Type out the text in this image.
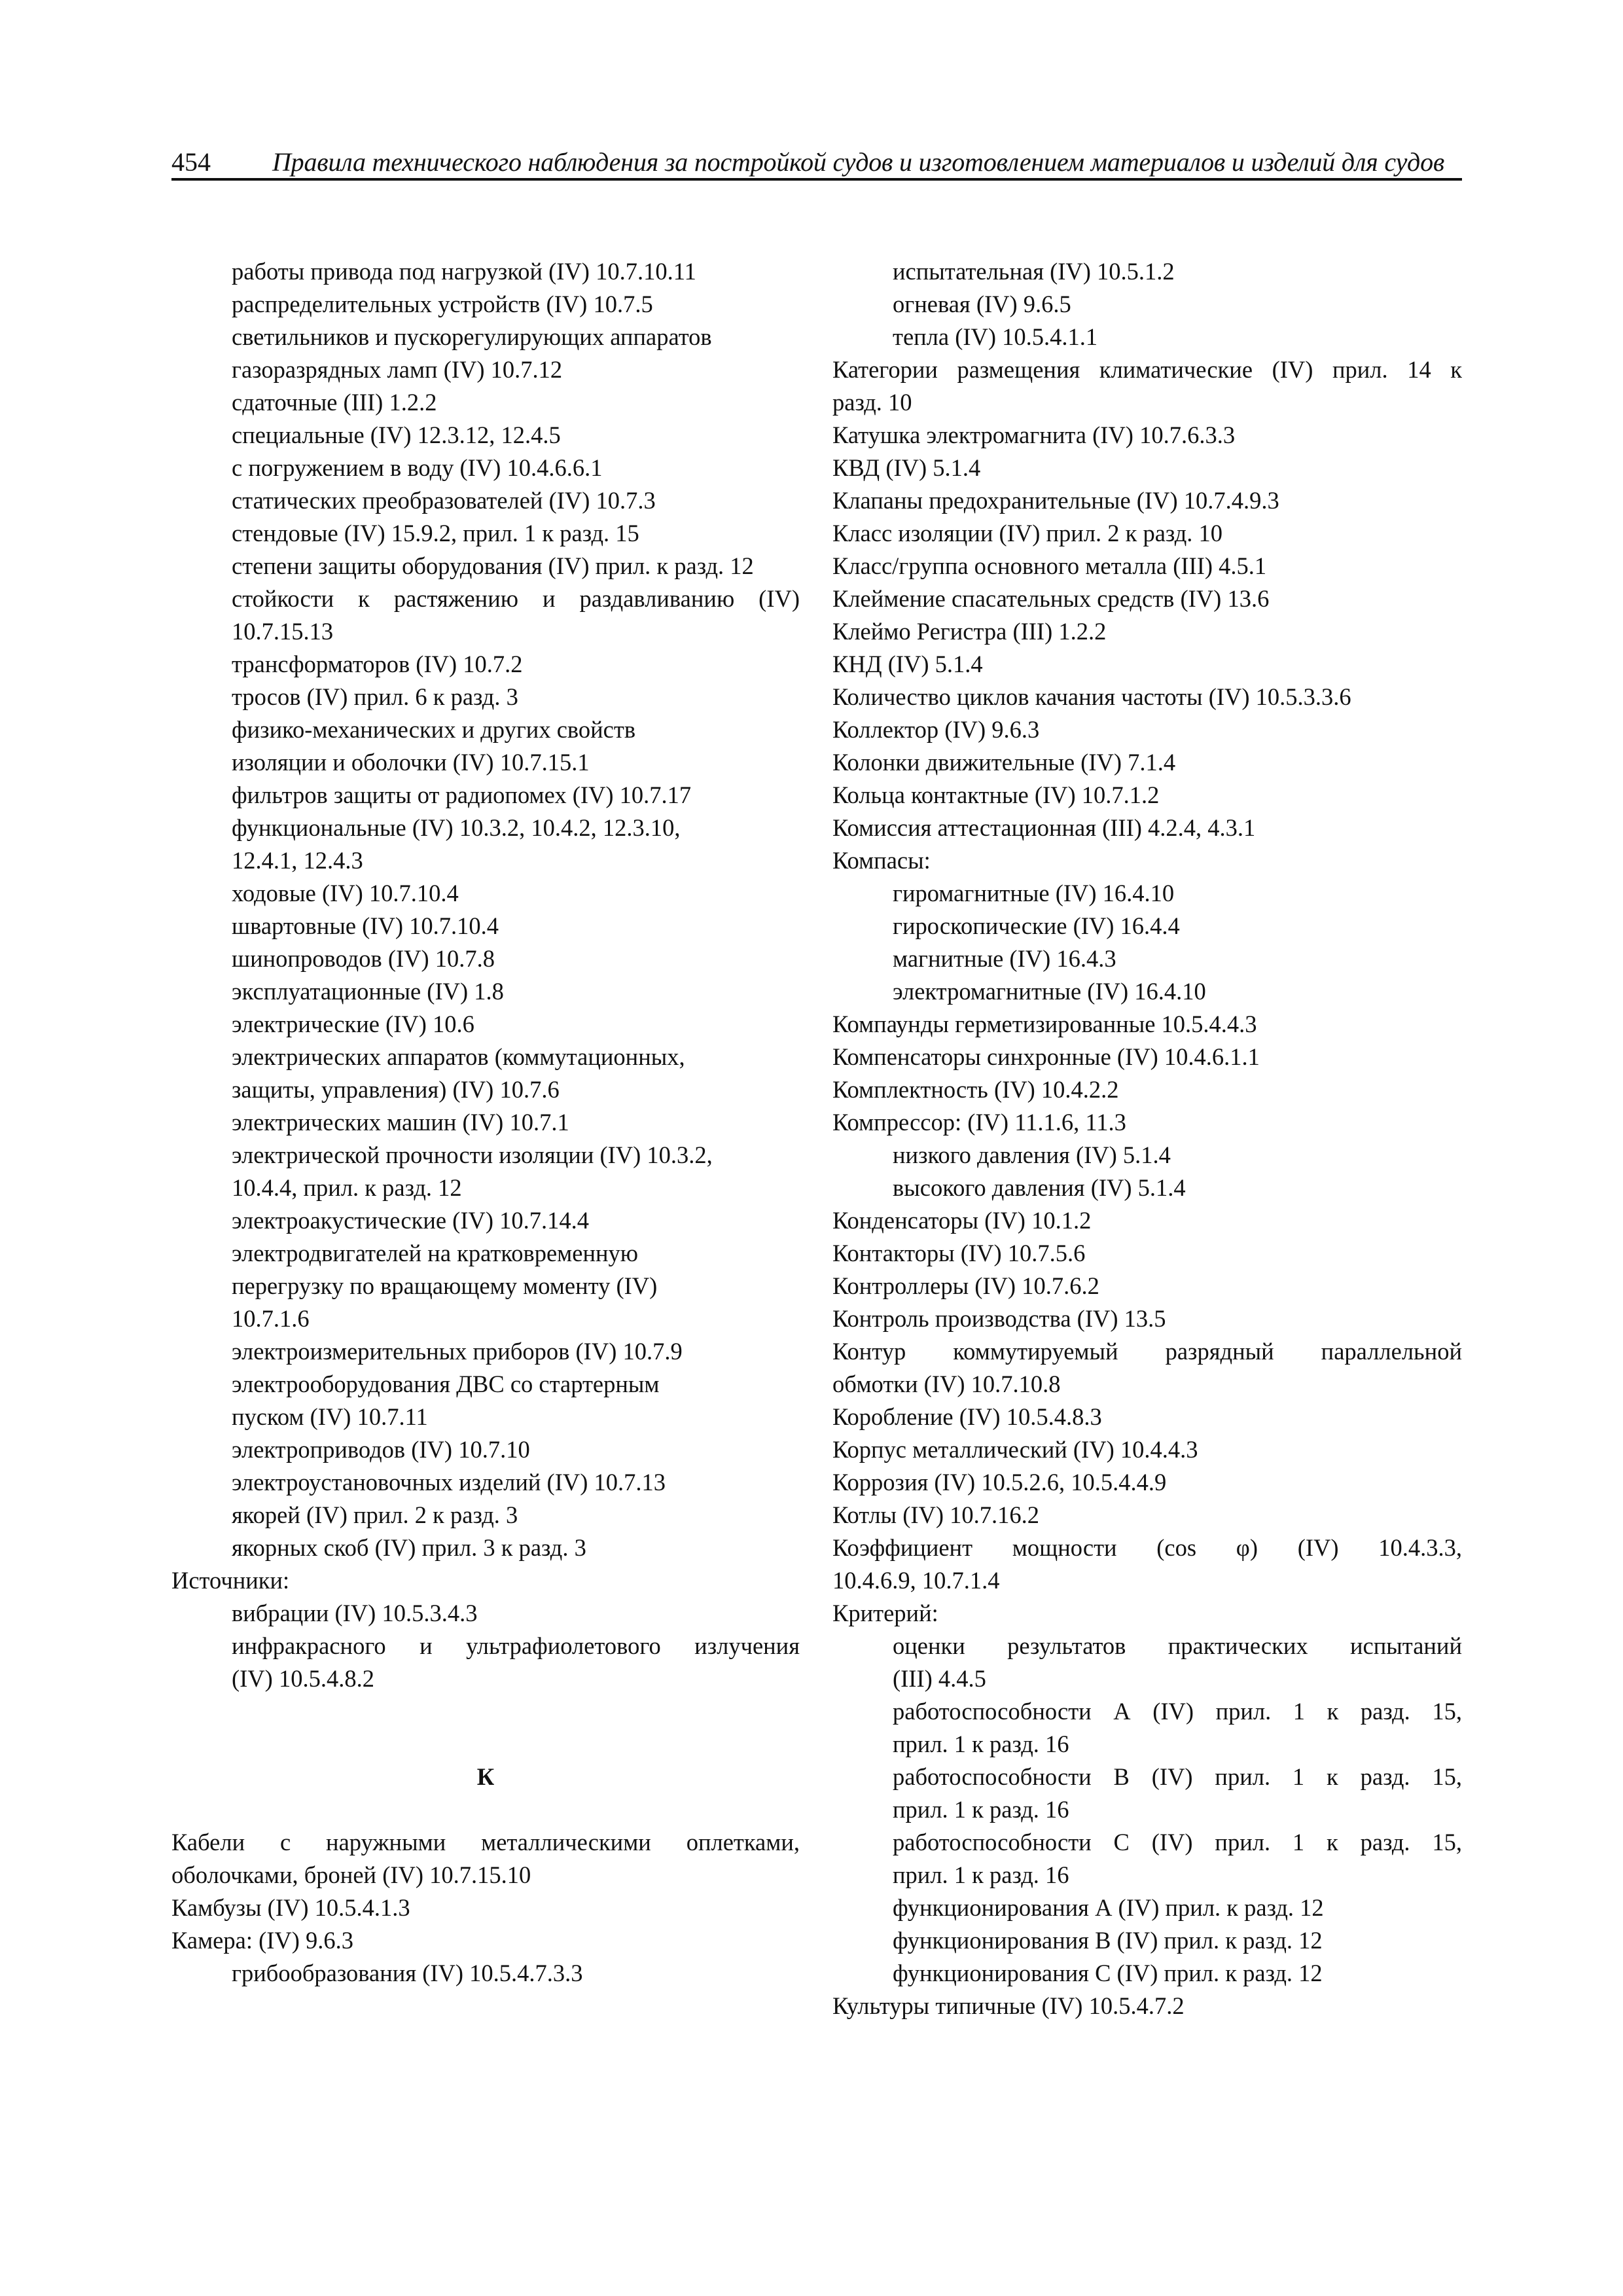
454 Правила технического наблюдения за постройкой судов и изготовлением материалов и изделий для судов
работы привода под нагрузкой (IV) 10.7.10.11
распределительных устройств (IV) 10.7.5
светильников и пускорегулирующих аппаратов
газоразрядных ламп (IV) 10.7.12
сдаточные (III) 1.2.2
специальные (IV) 12.3.12, 12.4.5
с погружением в воду (IV) 10.4.6.6.1
статических преобразователей (IV) 10.7.3
стендовые (IV) 15.9.2, прил. 1 к разд. 15
степени защиты оборудования (IV) прил. к разд. 12
стойкости к растяжению и раздавливанию (IV)
10.7.15.13
трансформаторов (IV) 10.7.2
тросов (IV) прил. 6 к разд. 3
физико-механических и других свойств
изоляции и оболочки (IV) 10.7.15.1
фильтров защиты от радиопомех (IV) 10.7.17
функциональные (IV) 10.3.2, 10.4.2, 12.3.10,
12.4.1, 12.4.3
ходовые (IV) 10.7.10.4
швартовные (IV) 10.7.10.4
шинопроводов (IV) 10.7.8
эксплуатационные (IV) 1.8
электрические (IV) 10.6
электрических аппаратов (коммутационных,
защиты, управления) (IV) 10.7.6
электрических машин (IV) 10.7.1
электрической прочности изоляции (IV) 10.3.2,
10.4.4, прил. к разд. 12
электроакустические (IV) 10.7.14.4
электродвигателей на кратковременную
перегрузку по вращающему моменту (IV)
10.7.1.6
электроизмерительных приборов (IV) 10.7.9
электрооборудования ДВС со стартерным
пуском (IV) 10.7.11
электроприводов (IV) 10.7.10
электроустановочных изделий (IV) 10.7.13
якорей (IV) прил. 2 к разд. 3
якорных скоб (IV) прил. 3 к разд. 3
Источники:
вибрации (IV) 10.5.3.4.3
инфракрасного и ультрафиолетового излучения
(IV) 10.5.4.8.2
К
Кабели с наружными металлическими оплетками,
оболочками, броней (IV) 10.7.15.10
Камбузы (IV) 10.5.4.1.3
Камера: (IV) 9.6.3
грибообразования (IV) 10.5.4.7.3.3
испытательная (IV) 10.5.1.2
огневая (IV) 9.6.5
тепла (IV) 10.5.4.1.1
Категории размещения климатические (IV) прил. 14 к
разд. 10
Катушка электромагнита (IV) 10.7.6.3.3
КВД (IV) 5.1.4
Клапаны предохранительные (IV) 10.7.4.9.3
Класс изоляции (IV) прил. 2 к разд. 10
Класс/группа основного металла (III) 4.5.1
Клеймение спасательных средств (IV) 13.6
Клеймо Регистра (III) 1.2.2
КНД (IV) 5.1.4
Количество циклов качания частоты (IV) 10.5.3.3.6
Коллектор (IV) 9.6.3
Колонки движительные (IV) 7.1.4
Кольца контактные (IV) 10.7.1.2
Комиссия аттестационная (III) 4.2.4, 4.3.1
Компасы:
гиромагнитные (IV) 16.4.10
гироскопические (IV) 16.4.4
магнитные (IV) 16.4.3
электромагнитные (IV) 16.4.10
Компаунды герметизированные 10.5.4.4.3
Компенсаторы синхронные (IV) 10.4.6.1.1
Комплектность (IV) 10.4.2.2
Компрессор: (IV) 11.1.6, 11.3
низкого давления (IV) 5.1.4
высокого давления (IV) 5.1.4
Конденсаторы (IV) 10.1.2
Контакторы (IV) 10.7.5.6
Контроллеры (IV) 10.7.6.2
Контроль производства (IV) 13.5
Контур коммутируемый разрядный параллельной
обмотки (IV) 10.7.10.8
Коробление (IV) 10.5.4.8.3
Корпус металлический (IV) 10.4.4.3
Коррозия (IV) 10.5.2.6, 10.5.4.4.9
Котлы (IV) 10.7.16.2
Коэффициент мощности (cos φ) (IV) 10.4.3.3,
10.4.6.9, 10.7.1.4
Критерий:
оценки результатов практических испытаний
(III) 4.4.5
работоспособности А (IV) прил. 1 к разд. 15,
прил. 1 к разд. 16
работоспособности В (IV) прил. 1 к разд. 15,
прил. 1 к разд. 16
работоспособности С (IV) прил. 1 к разд. 15,
прил. 1 к разд. 16
функционирования А (IV) прил. к разд. 12
функционирования В (IV) прил. к разд. 12
функционирования С (IV) прил. к разд. 12
Культуры типичные (IV) 10.5.4.7.2
